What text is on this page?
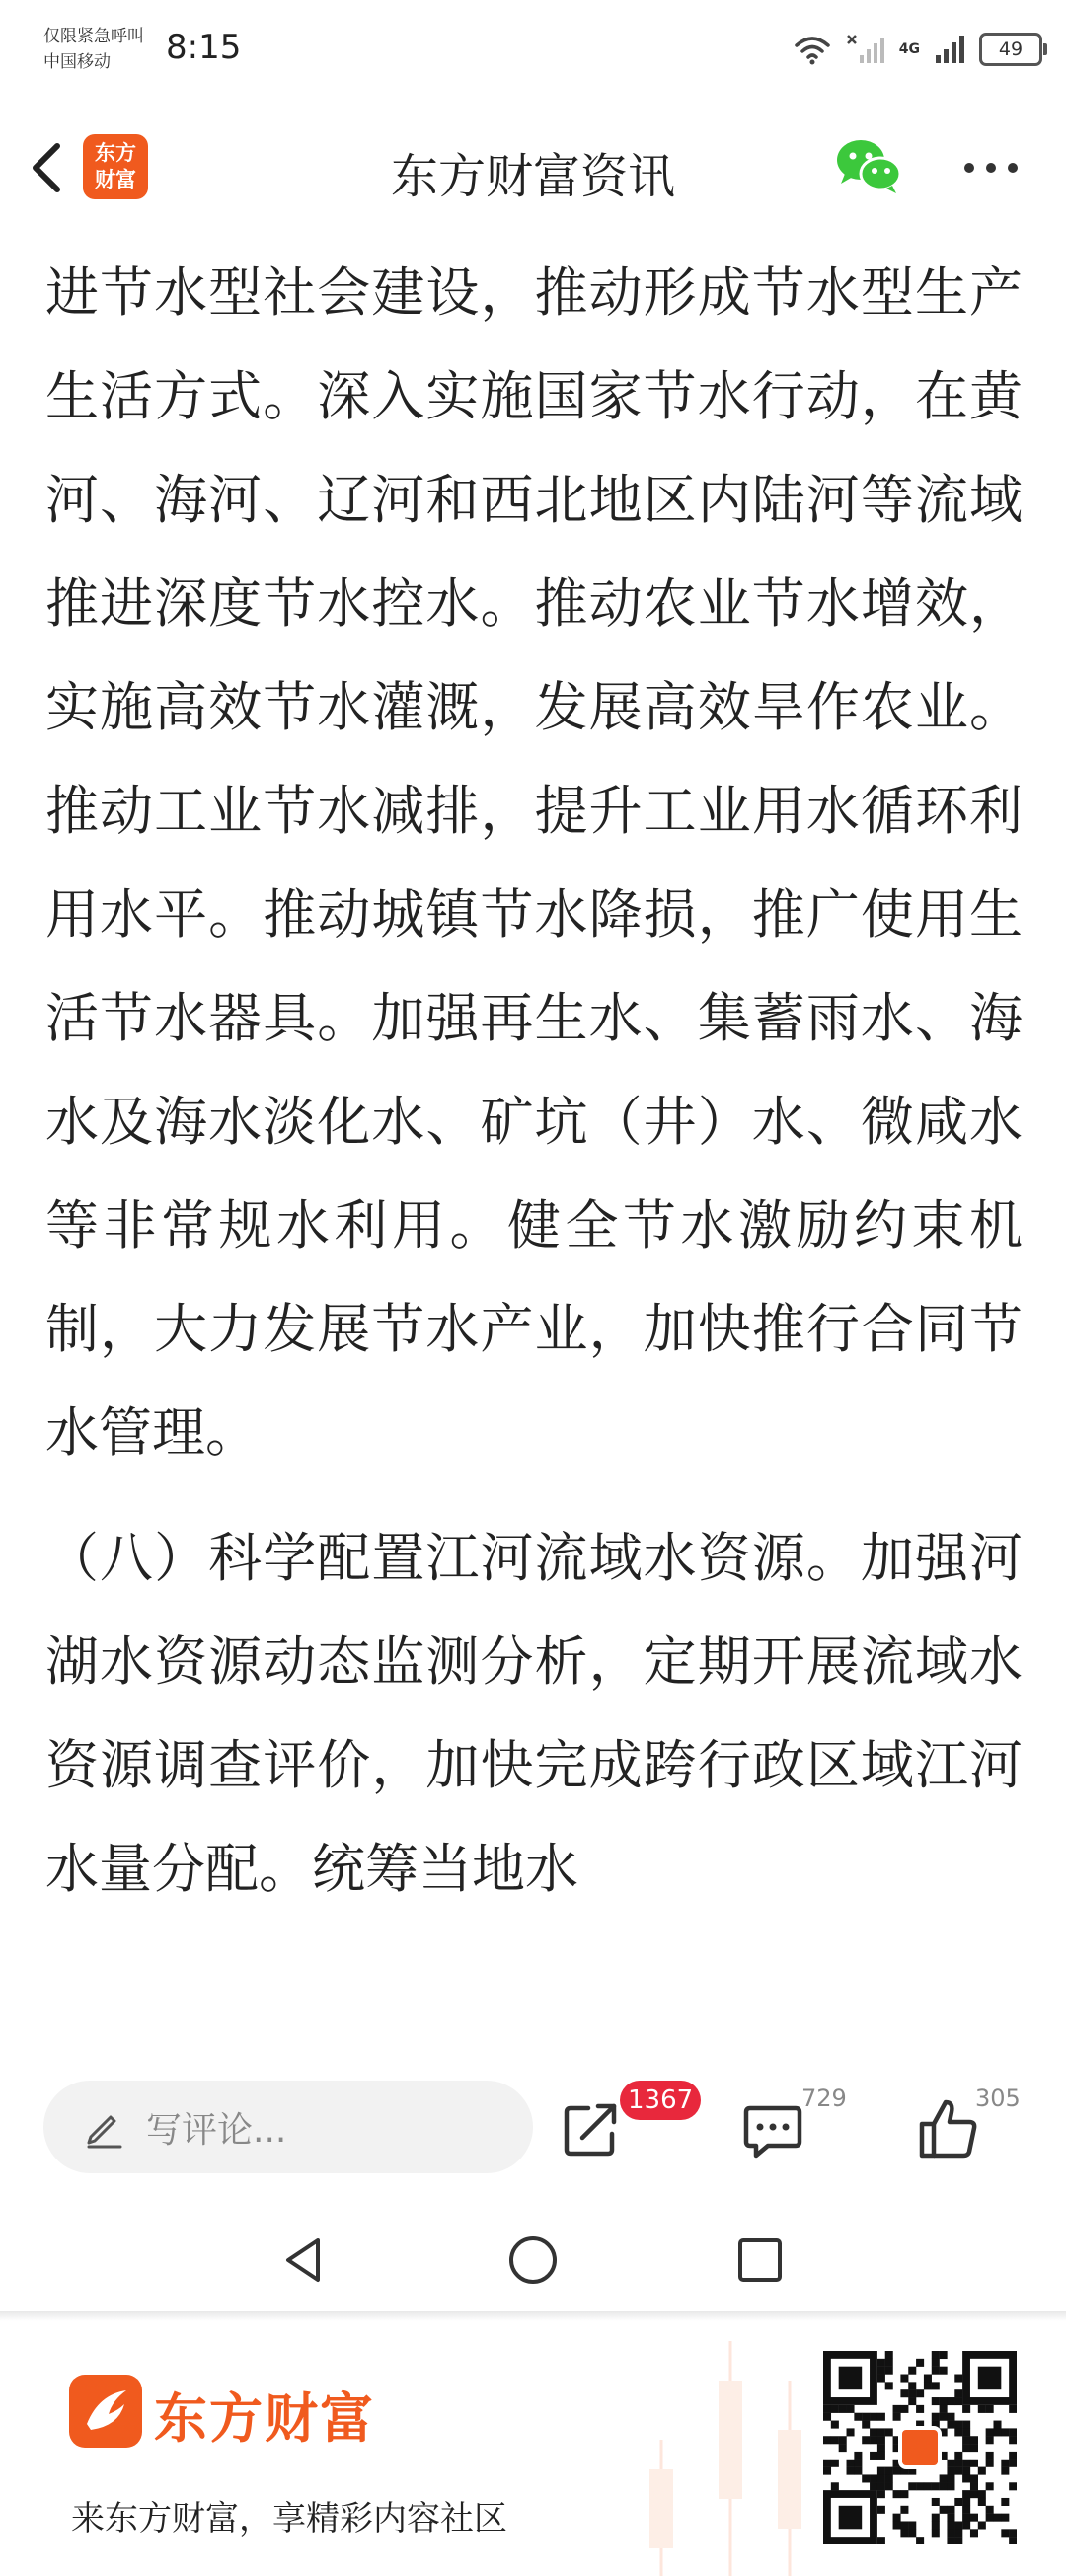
仅限紧急呼叫
中国移动	8:15	4G	49
东方
财富	东方财富资讯

进节水型社会建设，推动形成节水型生产生活方式。深入实施国家节水行动，在黄河、海河、辽河和西北地区内陆河等流域推进深度节水控水。推动农业节水增效，实施高效节水灌溉，发展高效旱作农业。推动工业节水减排，提升工业用水循环利用水平。推动城镇节水降损，推广使用生活节水器具。加强再生水、集蓄雨水、海水及海水淡化水、矿坑（井）水、微咸水等非常规水利用。健全节水激励约束机制，大力发展节水产业，加快推行合同节水管理。

（八）科学配置江河流域水资源。加强河湖水资源动态监测分析，定期开展流域水资源调查评价，加快完成跨行政区域江河水量分配。统筹当地水

写评论...
1367	729	305
东方财富
来东方财富，享精彩内容社区
